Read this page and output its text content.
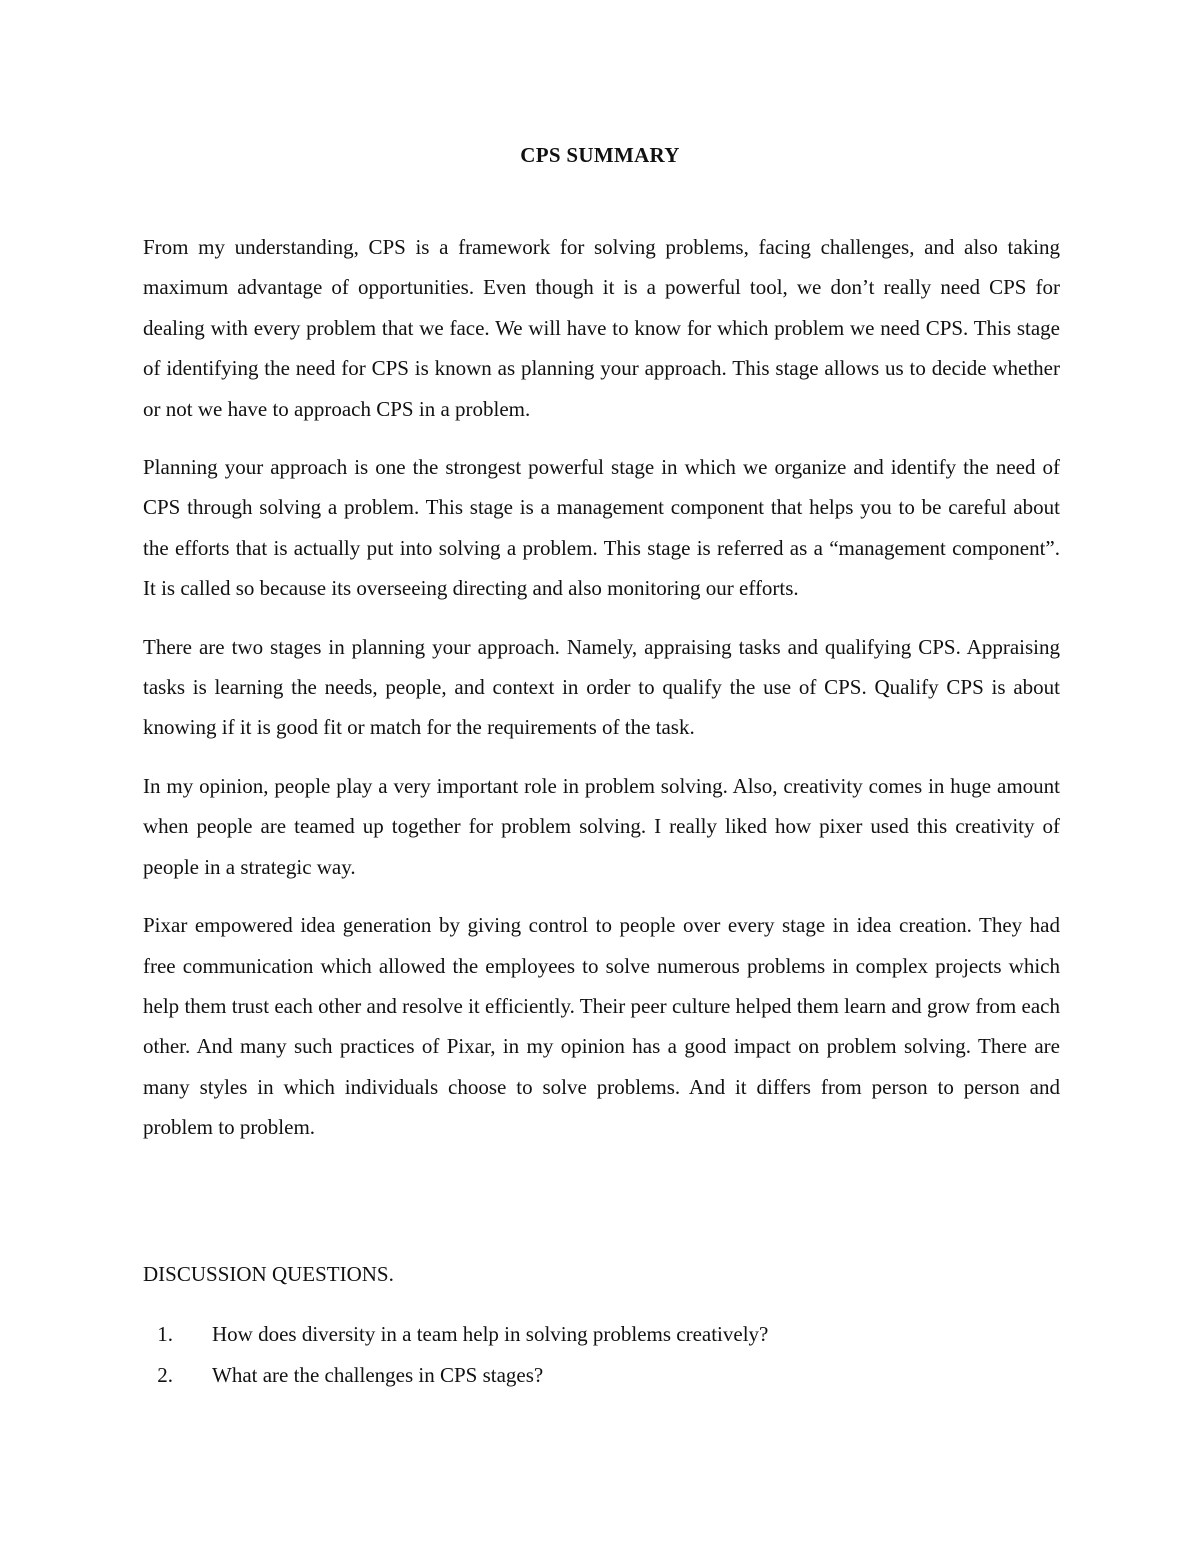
CPS SUMMARY

From my understanding, CPS is a framework for solving problems, facing challenges, and also taking maximum advantage of opportunities. Even though it is a powerful tool, we don’t really need CPS for dealing with every problem that we face. We will have to know for which problem we need CPS. This stage of identifying the need for CPS is known as planning your approach. This stage allows us to decide whether or not we have to approach CPS in a problem.

Planning your approach is one the strongest powerful stage in which we organize and identify the need of CPS through solving a problem. This stage is a management component that helps you to be careful about the efforts that is actually put into solving a problem. This stage is referred as a “management component”. It is called so because its overseeing directing and also monitoring our efforts.

There are two stages in planning your approach. Namely, appraising tasks and qualifying CPS. Appraising tasks is learning the needs, people, and context in order to qualify the use of CPS. Qualify CPS is about knowing if it is good fit or match for the requirements of the task.

In my opinion, people play a very important role in problem solving. Also, creativity comes in huge amount when people are teamed up together for problem solving. I really liked how pixer used this creativity of people in a strategic way.

Pixar empowered idea generation by giving control to people over every stage in idea creation. They had free communication which allowed the employees to solve numerous problems in complex projects which help them trust each other and resolve it efficiently. Their peer culture helped them learn and grow from each other. And many such practices of Pixar, in my opinion has a good impact on problem solving. There are many styles in which individuals choose to solve problems. And it differs from person to person and problem to problem.

DISCUSSION QUESTIONS.
1. How does diversity in a team help in solving problems creatively?
2. What are the challenges in CPS stages?
